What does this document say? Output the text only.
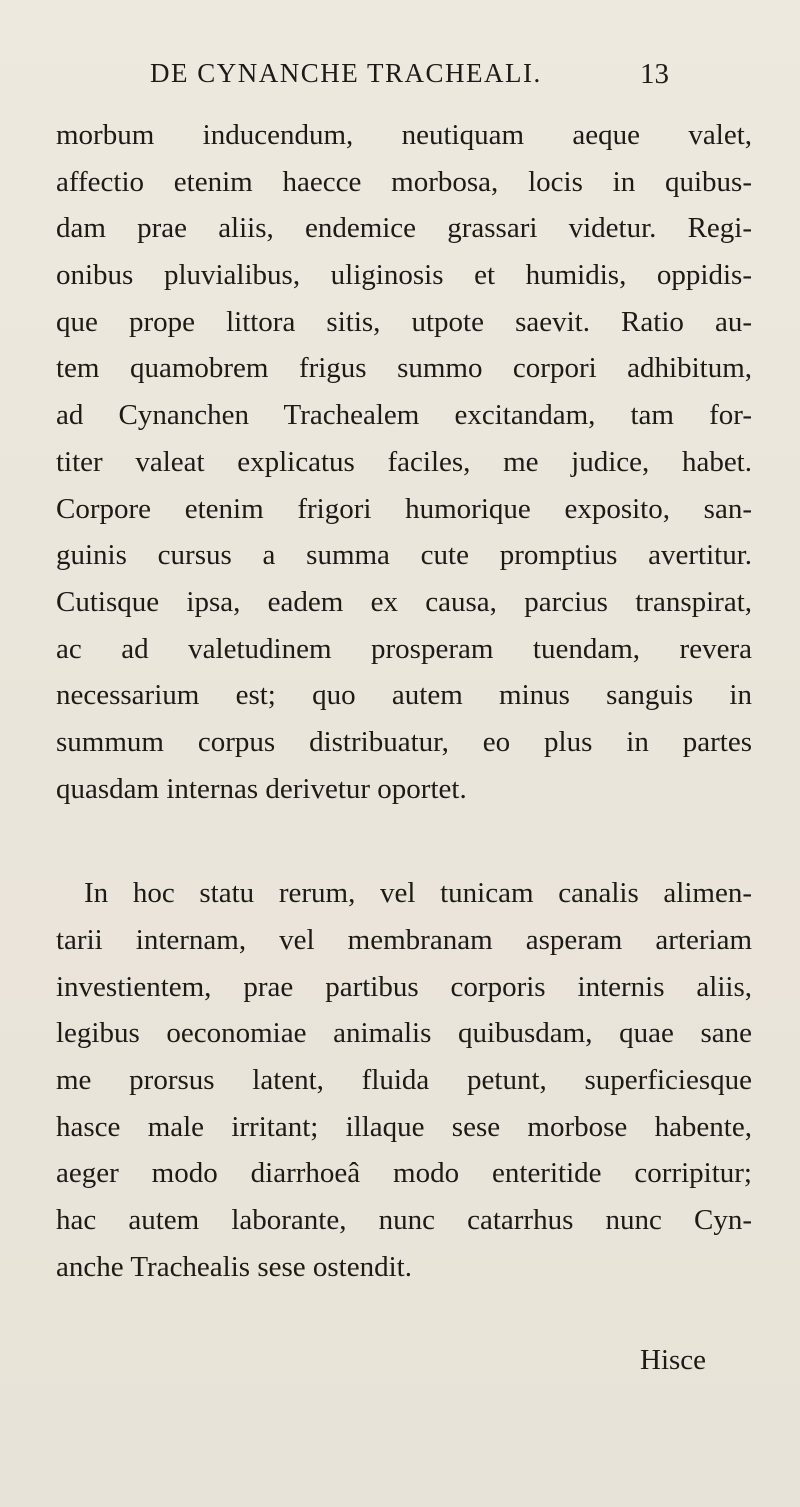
DE CYNANCHE TRACHEALI.	13
morbum inducendum, neutiquam aeque valet,
affectio etenim haecce morbosa, locis in quibus-
dam prae aliis, endemice grassari videtur. Regi-
onibus pluvialibus, uliginosis et humidis, oppidis-
que prope littora sitis, utpote saevit. Ratio au-
tem quamobrem frigus summo corpori adhibitum,
ad Cynanchen Trachealem excitandam, tam for-
titer valeat explicatus faciles, me judice, habet.
Corpore etenim frigori humorique exposito, san-
guinis cursus a summa cute promptius avertitur.
Cutisque ipsa, eadem ex causa, parcius transpirat,
ac ad valetudinem prosperam tuendam, revera
necessarium est; quo autem minus sanguis in
summum corpus distribuatur, eo plus in partes
quasdam internas derivetur oportet.
In hoc statu rerum, vel tunicam canalis alimen-
tarii internam, vel membranam asperam arteriam
investientem, prae partibus corporis internis aliis,
legibus oeconomiae animalis quibusdam, quae sane
me prorsus latent, fluida petunt, superficiesque
hasce male irritant; illaque sese morbose habente,
aeger modo diarrhoeâ modo enteritide corripitur;
hac autem laborante, nunc catarrhus nunc Cyn-
anche Trachealis sese ostendit.
Hisce
